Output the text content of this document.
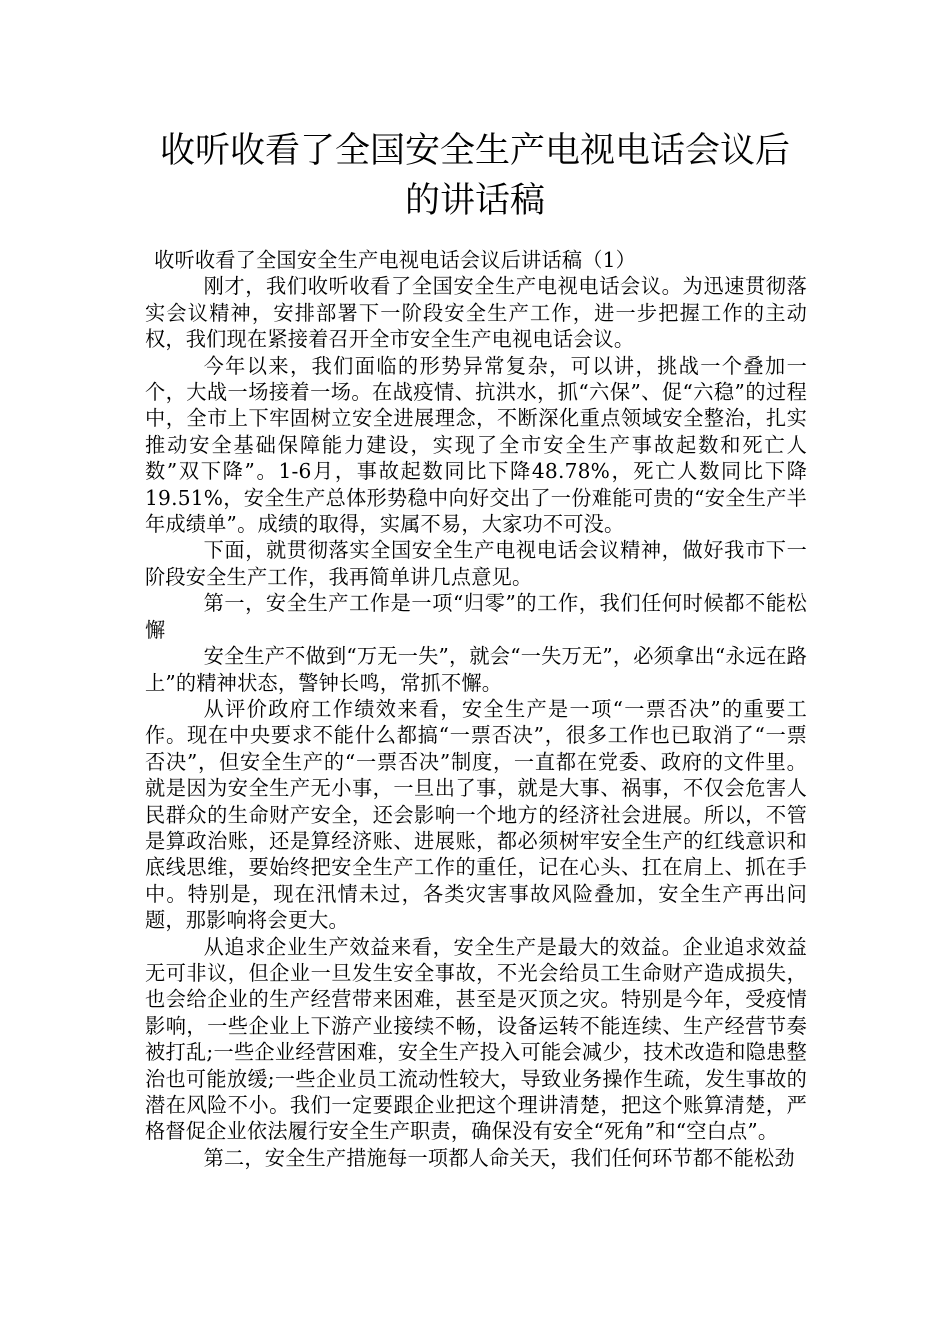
收听收看了全国安全生产电视电话会议后
的讲话稿

收听收看了全国安全生产电视电话会议后讲话稿（1）

刚才，我们收听收看了全国安全生产电视电话会议。为迅速贯彻落实会议精神，安排部署下一阶段安全生产工作，进一步把握工作的主动权，我们现在紧接着召开全市安全生产电视电话会议。

今年以来，我们面临的形势异常复杂，可以讲，挑战一个叠加一个，大战一场接着一场。在战疫情、抗洪水，抓“六保”、促“六稳”的过程中，全市上下牢固树立安全进展理念，不断深化重点领域安全整治，扎实推动安全基础保障能力建设，实现了全市安全生产事故起数和死亡人数”双下降”。1-6月，事故起数同比下降48.78%，死亡人数同比下降19.51%，安全生产总体形势稳中向好交出了一份难能可贵的“安全生产半年成绩单”。成绩的取得，实属不易，大家功不可没。

下面，就贯彻落实全国安全生产电视电话会议精神，做好我市下一阶段安全生产工作，我再简单讲几点意见。

第一，安全生产工作是一项“归零”的工作，我们任何时候都不能松懈

安全生产不做到“万无一失”，就会“一失万无”，必须拿出“永远在路上”的精神状态，警钟长鸣，常抓不懈。

从评价政府工作绩效来看，安全生产是一项“一票否决”的重要工作。现在中央要求不能什么都搞“一票否决”，很多工作也已取消了“一票否决”，但安全生产的“一票否决”制度，一直都在党委、政府的文件里。就是因为安全生产无小事，一旦出了事，就是大事、祸事，不仅会危害人民群众的生命财产安全，还会影响一个地方的经济社会进展。所以，不管是算政治账，还是算经济账、进展账，都必须树牢安全生产的红线意识和底线思维，要始终把安全生产工作的重任，记在心头、扛在肩上、抓在手中。特别是，现在汛情未过，各类灾害事故风险叠加，安全生产再出问题，那影响将会更大。

从追求企业生产效益来看，安全生产是最大的效益。企业追求效益无可非议，但企业一旦发生安全事故，不光会给员工生命财产造成损失，也会给企业的生产经营带来困难，甚至是灭顶之灾。特别是今年，受疫情影响，一些企业上下游产业接续不畅，设备运转不能连续、生产经营节奏被打乱;一些企业经营困难，安全生产投入可能会减少，技术改造和隐患整治也可能放缓;一些企业员工流动性较大，导致业务操作生疏，发生事故的潜在风险不小。我们一定要跟企业把这个理讲清楚，把这个账算清楚，严格督促企业依法履行安全生产职责，确保没有安全“死角”和“空白点”。

第二，安全生产措施每一项都人命关天，我们任何环节都不能松劲
